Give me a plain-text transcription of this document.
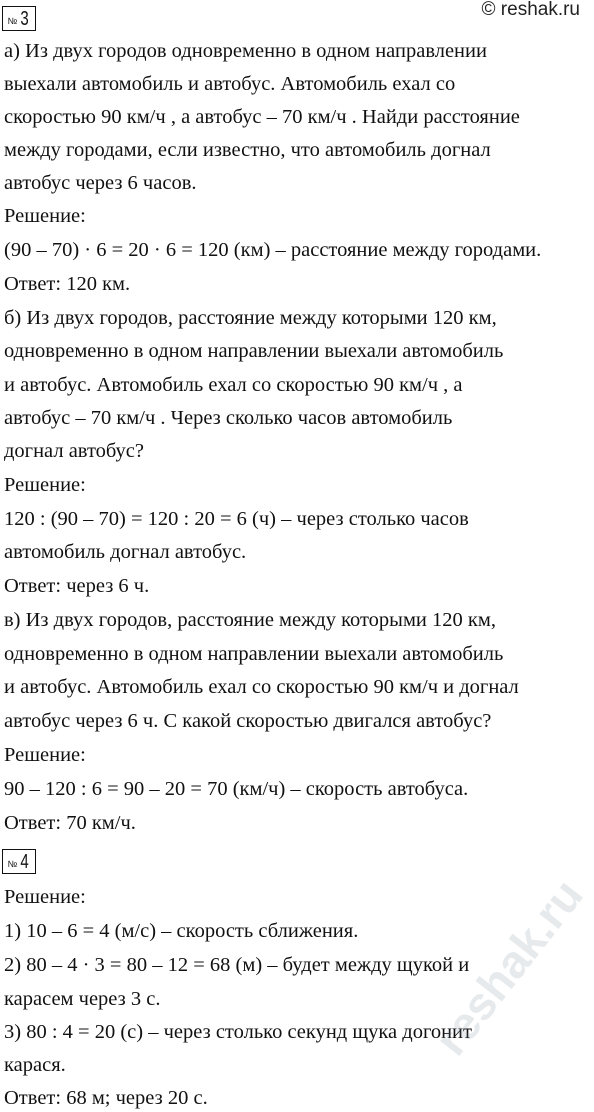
№ 3	© reshak.ru
а) Из двух городов одновременно в одном направлении
выехали автомобиль и автобус. Автомобиль ехал со
скоростью 90 км/ч , а автобус – 70 км/ч . Найди расстояние
между городами, если известно, что автомобиль догнал
автобус через 6 часов.
Решение:
(90 – 70) · 6 = 20 · 6 = 120 (км) – расстояние между городами.
Ответ: 120 км.
б) Из двух городов, расстояние между которыми 120 км,
одновременно в одном направлении выехали автомобиль
и автобус. Автомобиль ехал со скоростью 90 км/ч , а
автобус – 70 км/ч . Через сколько часов автомобиль
догнал автобус?
Решение:
120 : (90 – 70) = 120 : 20 = 6 (ч) – через столько часов
автомобиль догнал автобус.
Ответ: через 6 ч.
в) Из двух городов, расстояние между которыми 120 км,
одновременно в одном направлении выехали автомобиль
и автобус. Автомобиль ехал со скоростью 90 км/ч и догнал
автобус через 6 ч. С какой скоростью двигался автобус?
Решение:
90 – 120 : 6 = 90 – 20 = 70 (км/ч) – скорость автобуса.
Ответ: 70 км/ч.
№ 4
Решение:
1) 10 – 6 = 4 (м/с) – скорость сближения.
2) 80 – 4 · 3 = 80 – 12 = 68 (м) – будет между щукой и
карасем через 3 с.
3) 80 : 4 = 20 (с) – через столько секунд щука догонит
карася.
Ответ: 68 м; через 20 с.
reshak.ru
